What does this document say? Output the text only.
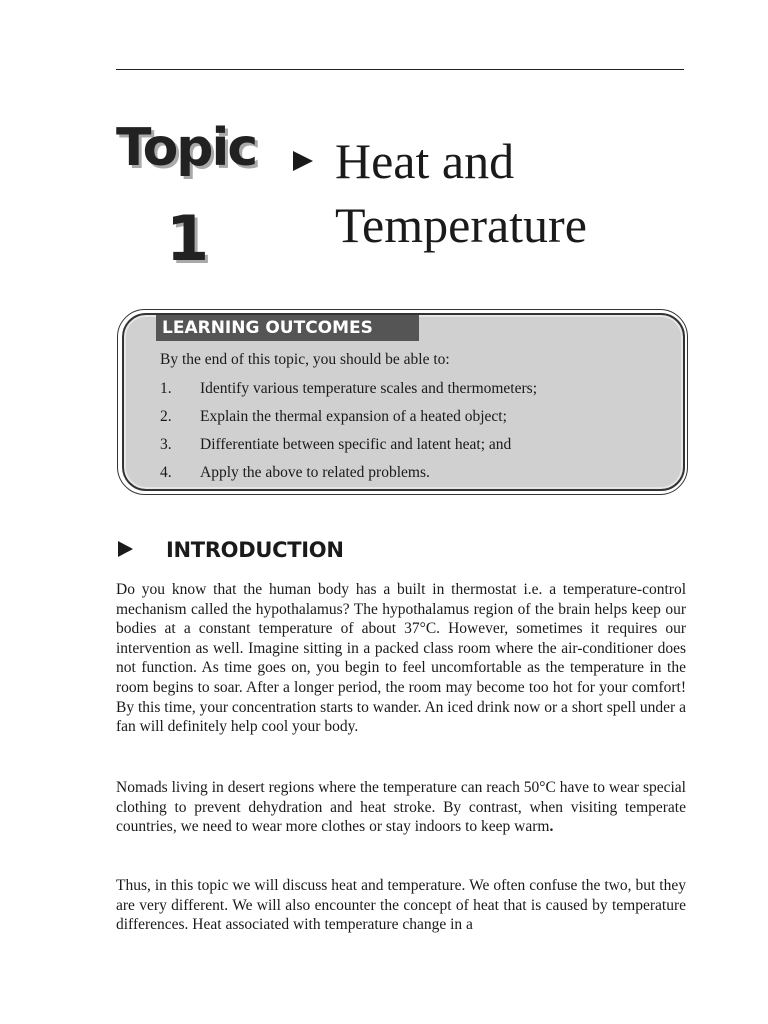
Topic
1
Heat and
Temperature
LEARNING OUTCOMES
By the end of this topic, you should be able to:
1. Identify various temperature scales and thermometers;
2. Explain the thermal expansion of a heated object;
3. Differentiate between specific and latent heat; and
4. Apply the above to related problems.
INTRODUCTION

Do you know that the human body has a built in thermostat i.e. a temperature-control mechanism called the hypothalamus? The hypothalamus region of the brain helps keep our bodies at a constant temperature of about 37°C. However, sometimes it requires our intervention as well. Imagine sitting in a packed class room where the air-conditioner does not function. As time goes on, you begin to feel uncomfortable as the temperature in the room begins to soar. After a longer period, the room may become too hot for your comfort! By this time, your concentration starts to wander. An iced drink now or a short spell under a fan will definitely help cool your body.

Nomads living in desert regions where the temperature can reach 50°C have to wear special clothing to prevent dehydration and heat stroke. By contrast, when visiting temperate countries, we need to wear more clothes or stay indoors to keep warm.

Thus, in this topic we will discuss heat and temperature. We often confuse the two, but they are very different. We will also encounter the concept of heat that is caused by temperature differences. Heat associated with temperature change in a
